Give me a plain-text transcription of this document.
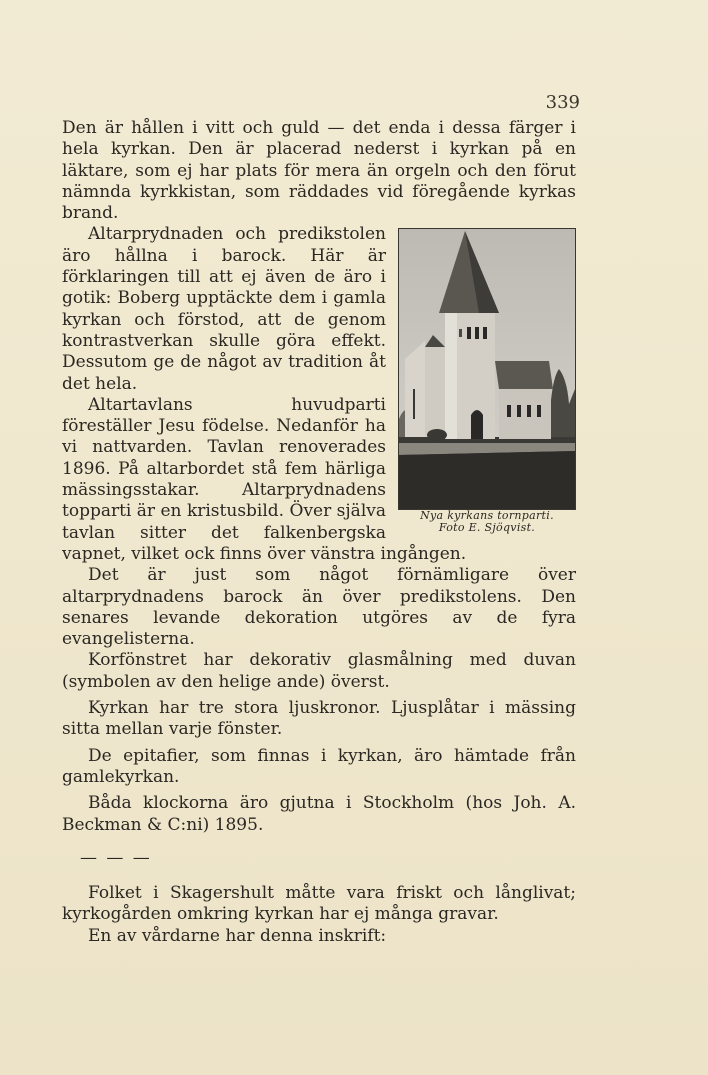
339

Den är hållen i vitt och guld — det enda i dessa färger i hela kyrkan. Den är placerad nederst i kyrkan på en läktare, som ej har plats för mera än orgeln och den förut nämnda kyrkkistan, som räddades vid föregående kyrkas brand.

Nya kyrkans tornparti.
Foto E. Sjöqvist.
Altarprydnaden och predikstolen äro hållna i barock. Här är förklaringen till att ej även de äro i gotik: Boberg upptäckte dem i gamla kyrkan och förstod, att de genom kontrastverkan skulle göra effekt. Dessutom ge de något av tradition åt det hela.

Altartavlans huvudparti föreställer Jesu födelse. Nedanför ha vi nattvarden. Tavlan renoverades 1896. På altarbordet stå fem härliga mässingsstakar. Altarprydnadens topparti är en kristusbild. Över själva tavlan sitter det falkenbergska vapnet, vilket ock finns över vänstra ingången.

Det är just som något förnämligare över altarprydnadens barock än över predikstolens. Den senares levande dekoration utgöres av de fyra evangelisterna.

Korfönstret har dekorativ glasmålning med duvan (symbolen av den helige ande) överst.

Kyrkan har tre stora ljuskronor. Ljusplåtar i mässing sitta mellan varje fönster.

De epitafier, som finnas i kyrkan, äro hämtade från gamlekyrkan.

Båda klockorna äro gjutna i Stockholm (hos Joh. A. Beckman & C:ni) 1895.

— — —

Folket i Skagershult måtte vara friskt och långlivat; kyrkogården omkring kyrkan har ej många gravar.

En av vårdarne har denna inskrift:
